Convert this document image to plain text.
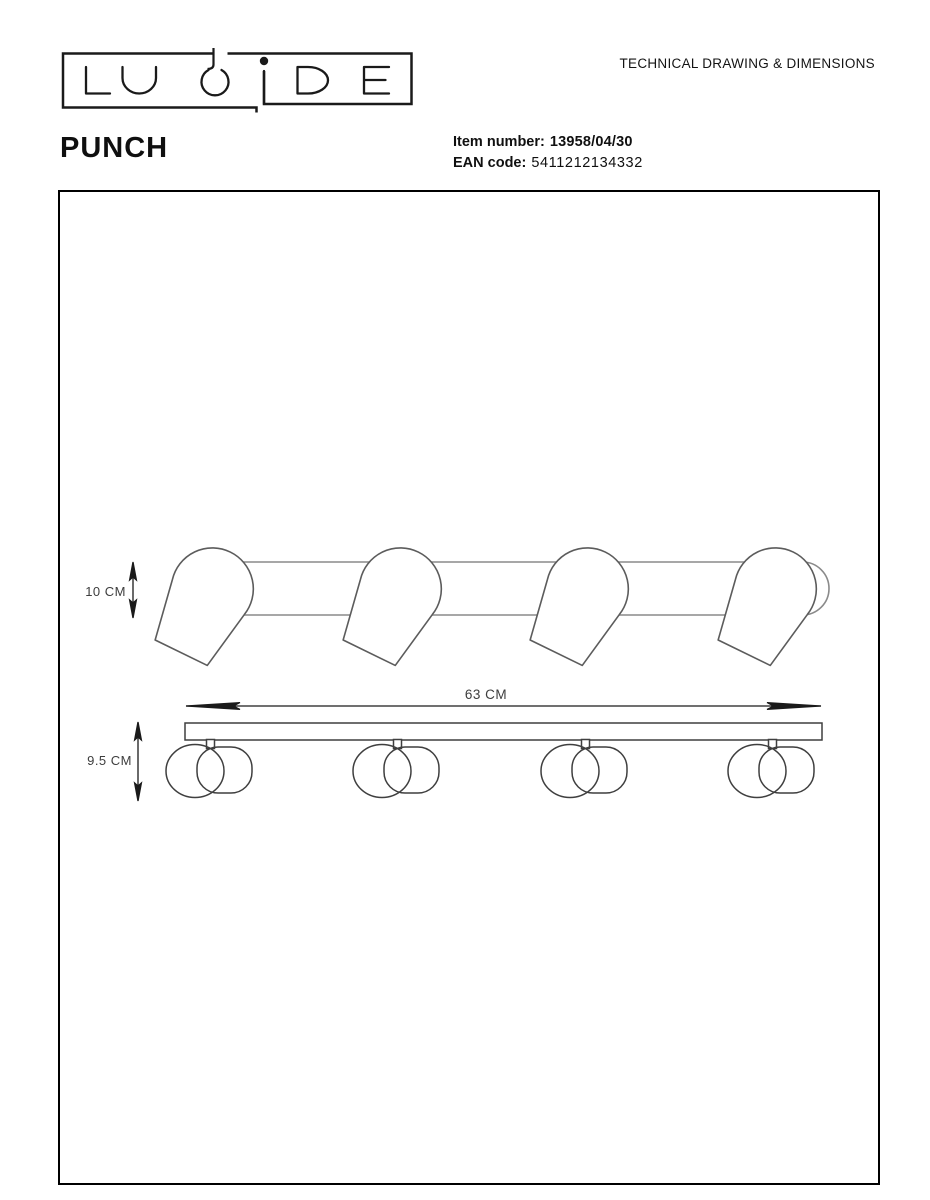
TECHNICAL DRAWING & DIMENSIONS
PUNCH	Item number: 13958/04/30
EAN code: 5411212134332
10 CM
63 CM
9.5 CM
